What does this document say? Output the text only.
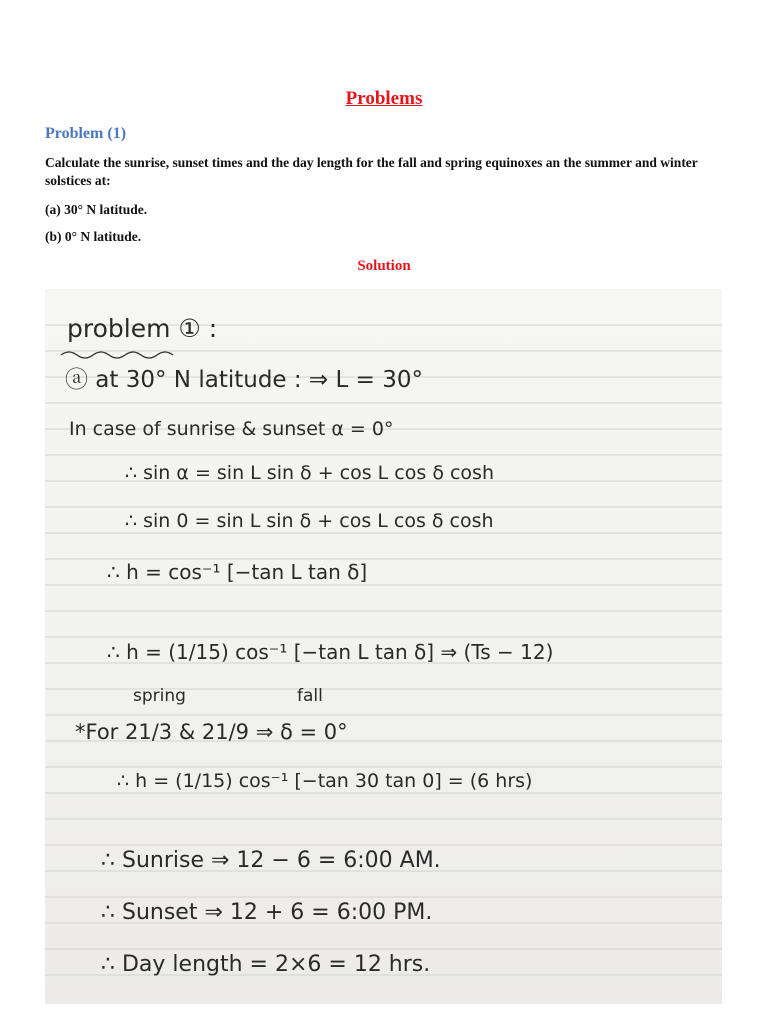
Problems
Problem (1)
Calculate the sunrise, sunset times and the day length for the fall and spring equinoxes an the summer and winter solstices at:
(a) 30° N latitude.
(b) 0° N latitude.
Solution
problem ① :
ⓐ at 30° N latitude : ⇒ L = 30°
In case of sunrise & sunset α = 0°
∴ sin α = sin L sin δ + cos L cos δ cosh
∴ sin 0 = sin L sin δ + cos L cos δ cosh
∴ h = cos⁻¹ [−tan L tan δ]
∴ h = (1/15) cos⁻¹ [−tan L tan δ] ⇒ (Ts − 12)
spring	fall
*For 21/3 & 21/9 ⇒ δ = 0°
∴ h = (1/15) cos⁻¹ [−tan 30 tan 0] = (6 hrs)
∴ Sunrise ⇒ 12 − 6 = 6:00 AM.
∴ Sunset ⇒ 12 + 6 = 6:00 PM.
∴ Day length = 2×6 = 12 hrs.
